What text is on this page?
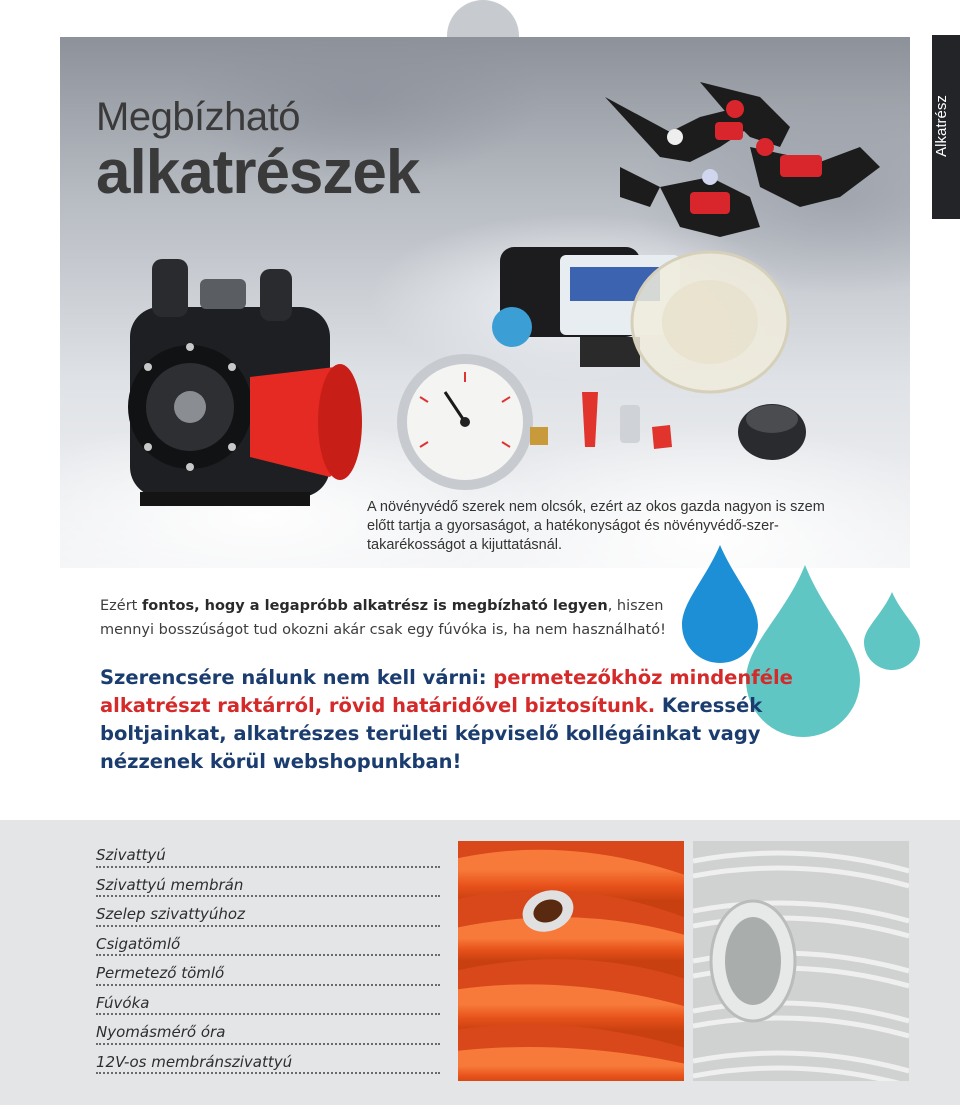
Megbízható
alkatrészek
A növényvédő szerek nem olcsók, ezért az okos gazda nagyon is szem előtt tartja a gyorsaságot, a hatékonyságot és növényvédő-szer-takarékosságot a kijuttatásnál.
Alkatrész
Ezért fontos, hogy a legapróbb alkatrész is megbízható legyen, hiszen mennyi bosszúságot tud okozni akár csak egy fúvóka is, ha nem használható!
Szerencsére nálunk nem kell várni: permetezőkhöz mindenféle alkatrészt raktárról, rövid határidővel biztosítunk. Keressék boltjainkat, alkatrészes területi képviselő kollégáinkat vagy nézzenek körül webshopunkban!
Szivattyú
Szivattyú membrán
Szelep szivattyúhoz
Csigatömlő
Permetező tömlő
Fúvóka
Nyomásmérő óra
12V-os membránszivattyú
